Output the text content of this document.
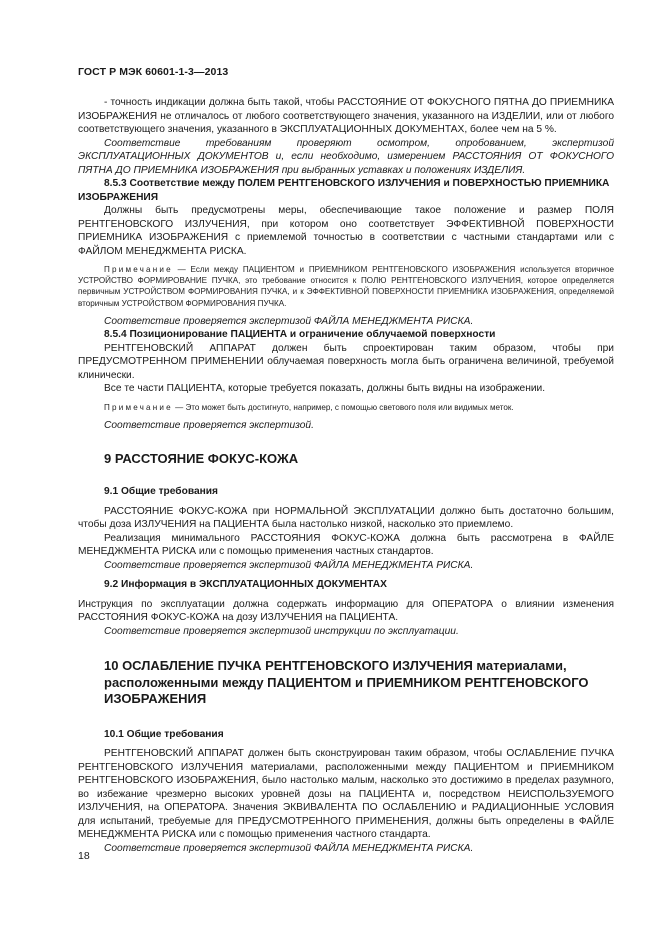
ГОСТ Р МЭК 60601-1-3—2013

- точность индикации должна быть такой, чтобы РАССТОЯНИЕ ОТ ФОКУСНОГО ПЯТНА ДО ПРИЕМНИКА ИЗОБРАЖЕНИЯ не отличалось от любого соответствующего значения, указанного на ИЗДЕЛИИ, или от любого соответствующего значения, указанного в ЭКСПЛУАТАЦИОННЫХ ДОКУМЕНТАХ, более чем на 5 %.

Соответствие требованиям проверяют осмотром, опробованием, экспертизой ЭКСПЛУАТАЦИОННЫХ ДОКУМЕНТОВ и, если необходимо, измерением РАССТОЯНИЯ ОТ ФОКУСНОГО ПЯТНА ДО ПРИЕМНИКА ИЗОБРАЖЕНИЯ при выбранных уставках и положениях ИЗДЕЛИЯ.

8.5.3 Соответствие между ПОЛЕМ РЕНТГЕНОВСКОГО ИЗЛУЧЕНИЯ и ПОВЕРХНОСТЬЮ ПРИЕМНИКА ИЗОБРАЖЕНИЯ

Должны быть предусмотрены меры, обеспечивающие такое положение и размер ПОЛЯ РЕНТГЕНОВСКОГО ИЗЛУЧЕНИЯ, при котором оно соответствует ЭФФЕКТИВНОЙ ПОВЕРХНОСТИ ПРИЕМНИКА ИЗОБРАЖЕНИЯ с приемлемой точностью в соответствии с частными стандартами или с ФАЙЛОМ МЕНЕДЖМЕНТА РИСКА.

Примечание — Если между ПАЦИЕНТОМ и ПРИЕМНИКОМ РЕНТГЕНОВСКОГО ИЗОБРАЖЕНИЯ используется вторичное УСТРОЙСТВО ФОРМИРОВАНИЕ ПУЧКА, это требование относится к ПОЛЮ РЕНТГЕНОВСКОГО ИЗЛУЧЕНИЯ, которое определяется первичным УСТРОЙСТВОМ ФОРМИРОВАНИЯ ПУЧКА, и к ЭФФЕКТИВНОЙ ПОВЕРХНОСТИ ПРИЕМНИКА ИЗОБРАЖЕНИЯ, определяемой вторичным УСТРОЙСТВОМ ФОРМИРОВАНИЯ ПУЧКА.

Соответствие проверяется экспертизой ФАЙЛА МЕНЕДЖМЕНТА РИСКА.

8.5.4 Позиционирование ПАЦИЕНТА и ограничение облучаемой поверхности

РЕНТГЕНОВСКИЙ АППАРАТ должен быть спроектирован таким образом, чтобы при ПРЕДУСМОТРЕННОМ ПРИМЕНЕНИИ облучаемая поверхность могла быть ограничена величиной, требуемой клинически.

Все те части ПАЦИЕНТА, которые требуется показать, должны быть видны на изображении.

Примечание — Это может быть достигнуто, например, с помощью светового поля или видимых меток.

Соответствие проверяется экспертизой.

9 РАССТОЯНИЕ ФОКУС-КОЖА

9.1 Общие требования

РАССТОЯНИЕ ФОКУС-КОЖА при НОРМАЛЬНОЙ ЭКСПЛУАТАЦИИ должно быть достаточно большим, чтобы доза ИЗЛУЧЕНИЯ на ПАЦИЕНТА была настолько низкой, насколько это приемлемо.

Реализация минимального РАССТОЯНИЯ ФОКУС-КОЖА должна быть рассмотрена в ФАЙЛЕ МЕНЕДЖМЕНТА РИСКА или с помощью применения частных стандартов.

Соответствие проверяется экспертизой ФАЙЛА МЕНЕДЖМЕНТА РИСКА.

9.2 Информация в ЭКСПЛУАТАЦИОННЫХ ДОКУМЕНТАХ

Инструкция по эксплуатации должна содержать информацию для ОПЕРАТОРА о влиянии изменения РАССТОЯНИЯ ФОКУС-КОЖА на дозу ИЗЛУЧЕНИЯ на ПАЦИЕНТА.

Соответствие проверяется экспертизой инструкции по эксплуатации.

10 ОСЛАБЛЕНИЕ ПУЧКА РЕНТГЕНОВСКОГО ИЗЛУЧЕНИЯ материалами, расположенными между ПАЦИЕНТОМ и ПРИЕМНИКОМ РЕНТГЕНОВСКОГО ИЗОБРАЖЕНИЯ

10.1 Общие требования

РЕНТГЕНОВСКИЙ АППАРАТ должен быть сконструирован таким образом, чтобы ОСЛАБЛЕНИЕ ПУЧКА РЕНТГЕНОВСКОГО ИЗЛУЧЕНИЯ материалами, расположенными между ПАЦИЕНТОМ и ПРИЕМНИКОМ РЕНТГЕНОВСКОГО ИЗОБРАЖЕНИЯ, было настолько малым, насколько это достижимо в пределах разумного, во избежание чрезмерно высоких уровней дозы на ПАЦИЕНТА и, посредством НЕИСПОЛЬЗУЕМОГО ИЗЛУЧЕНИЯ, на ОПЕРАТОРА. Значения ЭКВИВАЛЕНТА ПО ОСЛАБЛЕНИЮ и РАДИАЦИОННЫЕ УСЛОВИЯ для испытаний, требуемые для ПРЕДУСМОТРЕННОГО ПРИМЕНЕНИЯ, должны быть определены в ФАЙЛЕ МЕНЕДЖМЕНТА РИСКА или с помощью применения частного стандарта.

Соответствие проверяется экспертизой ФАЙЛА МЕНЕДЖМЕНТА РИСКА.

18
